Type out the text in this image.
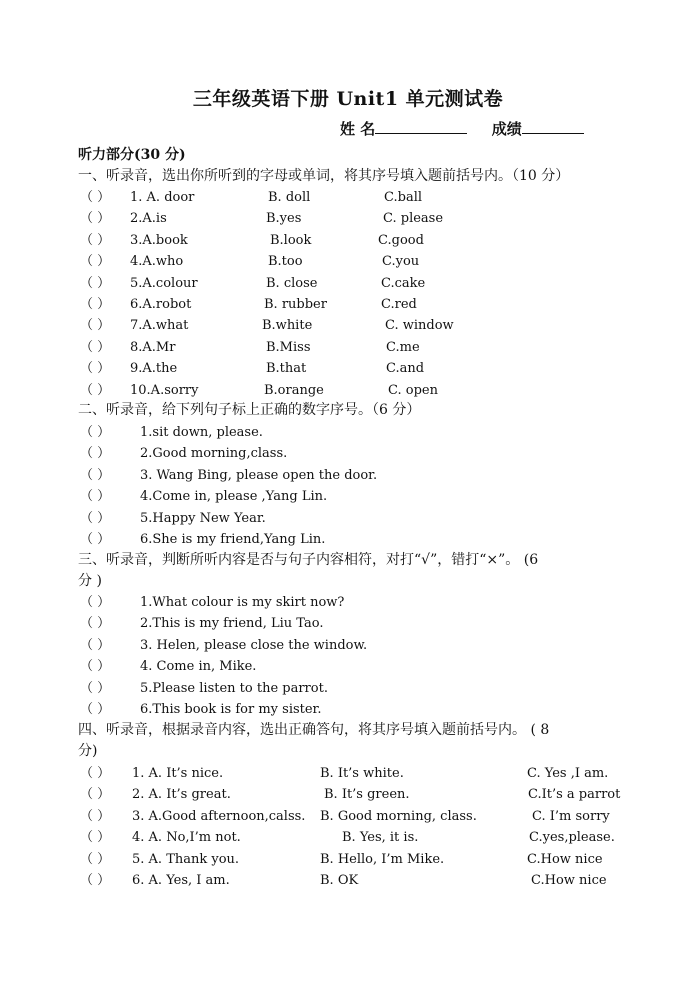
三年级英语下册 Unit1 单元测试卷
姓 名	成绩
听力部分(30 分)
一、听录音，选出你所听到的字母或单词，将其序号填入题前括号内。（10 分）
（ ） 1. A. door	B. doll	C.ball
（ ） 2.A.is	B.yes	C. please
（ ） 3.A.book	B.look	C.good
（ ） 4.A.who	B.too	C.you
（ ） 5.A.colour	B. close	C.cake
（ ） 6.A.robot	B. rubber	C.red
（ ） 7.A.what	B.white	C. window
（ ） 8.A.Mr	B.Miss	C.me
（ ） 9.A.the	B.that	C.and
（ ） 10.A.sorry	B.orange	C. open
二、听录音，给下列句子标上正确的数字序号。（6 分）
（ ） 1.sit down, please.
（ ） 2.Good morning,class.
（ ） 3. Wang Bing, please open the door.
（ ） 4.Come in, please ,Yang Lin.
（ ） 5.Happy New Year.
（ ） 6.She is my friend,Yang Lin.
三、听录音，判断所听内容是否与句子内容相符，对打“√”，错打“×”。 (6
分 )
（ ） 1.What colour is my skirt now?
（ ） 2.This is my friend, Liu Tao.
（ ） 3. Helen, please close the window.
（ ） 4. Come in, Mike.
（ ） 5.Please listen to the parrot.
（ ） 6.This book is for my sister.
四、听录音，根据录音内容，选出正确答句，将其序号填入题前括号内。 ( 8
分)
（ ） 1. A. It’s nice.	B. It’s white.	C. Yes ,I am.
（ ） 2. A. It’s great.	B. It’s green.	C.It’s a parrot
（ ） 3. A.Good afternoon,calss. B. Good morning, class.	C. I’m sorry
（ ） 4. A. No,I’m not.	B. Yes, it is.	C.yes,please.
（ ） 5. A. Thank you.	B. Hello, I’m Mike.	C.How nice
（ ） 6. A. Yes, I am.	B. OK	C.How nice
